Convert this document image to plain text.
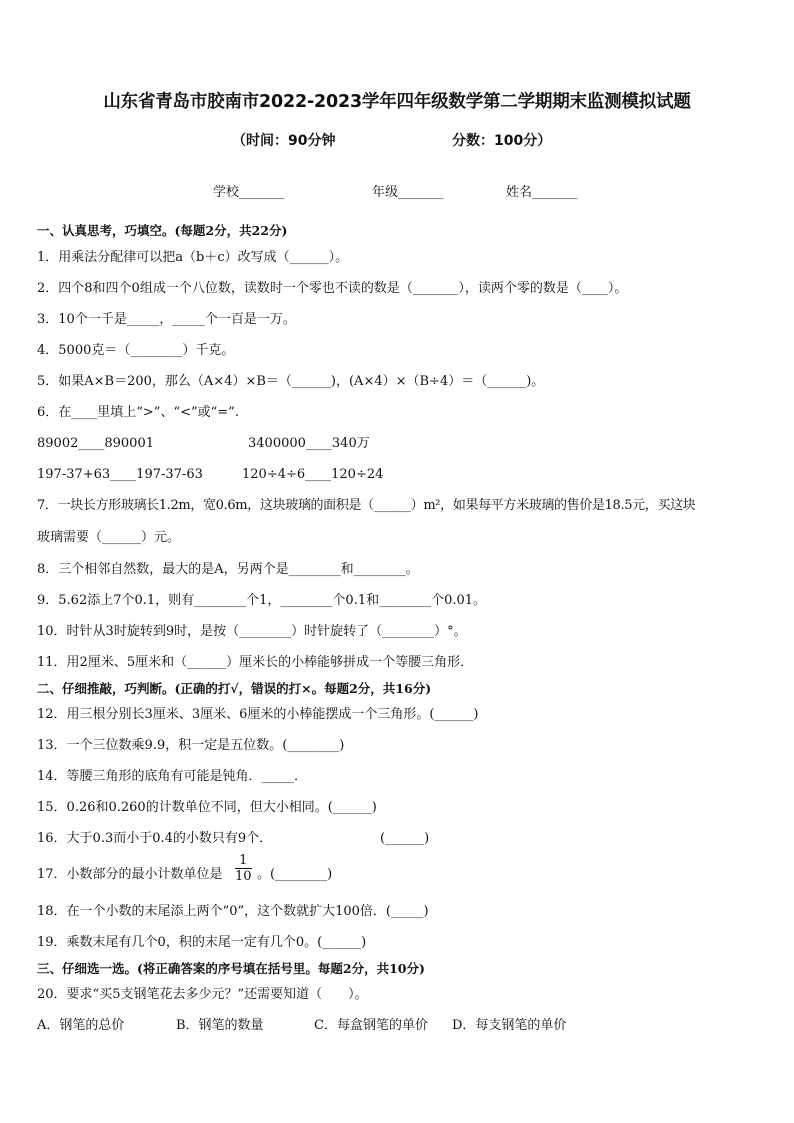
山东省青岛市胶南市2022-2023学年四年级数学第二学期期末监测模拟试题
（时间：90分钟	分数：100分）
学校_______	年级_______	姓名_______
一、认真思考，巧填空。(每题2分，共22分)
1．用乘法分配律可以把a（b＋c）改写成（______）。
2．四个8和四个0组成一个八位数，读数时一个零也不读的数是（_______），读两个零的数是（____）。
3．10个一千是_____，_____个一百是一万。
4．5000克＝（________）千克。
5．如果A×B＝200，那么（A×4）×B＝（______)，(A×4）×（B÷4）＝（______)。
6．在____里填上“>”、“<”或“=”.
89002____890001	3400000____340万
197-37+63____197-37-63	120÷4÷6____120÷24
7．一块长方形玻璃长1.2m，宽0.6m，这块玻璃的面积是（______）m²，如果每平方米玻璃的售价是18.5元，买这块
玻璃需要（______）元。
8．三个相邻自然数，最大的是A，另两个是________和________。
9．5.62添上7个0.1，则有________个1，________个0.1和________个0.01。
10．时针从3时旋转到9时，是按（________）时针旋转了（________）°。
11．用2厘米、5厘米和（______）厘米长的小棒能够拼成一个等腰三角形．
二、仔细推敲，巧判断。(正确的打√，错误的打×。每题2分，共16分)
12．用三根分别长3厘米、3厘米、6厘米的小棒能摆成一个三角形。(______)
13．一个三位数乘9.9，积一定是五位数。(________)
14．等腰三角形的底角有可能是钝角．_____．
15．0.26和0.260的计数单位不同，但大小相同。(______)
16．大于0.3而小于0.4的小数只有9个．	(______)
17．小数部分的最小计数单位是 $\frac{1}{10}$ 。(________)
18．在一个小数的末尾添上两个“0”，这个数就扩大100倍．(_____)
19．乘数末尾有几个0，积的末尾一定有几个0。(______)
三、仔细选一选。(将正确答案的序号填在括号里。每题2分，共10分)
20．要求“买5支钢笔花去多少元？”还需要知道（　　）。
A．钢笔的总价	B．钢笔的数量	C．每盒钢笔的单价 D．每支钢笔的单价
